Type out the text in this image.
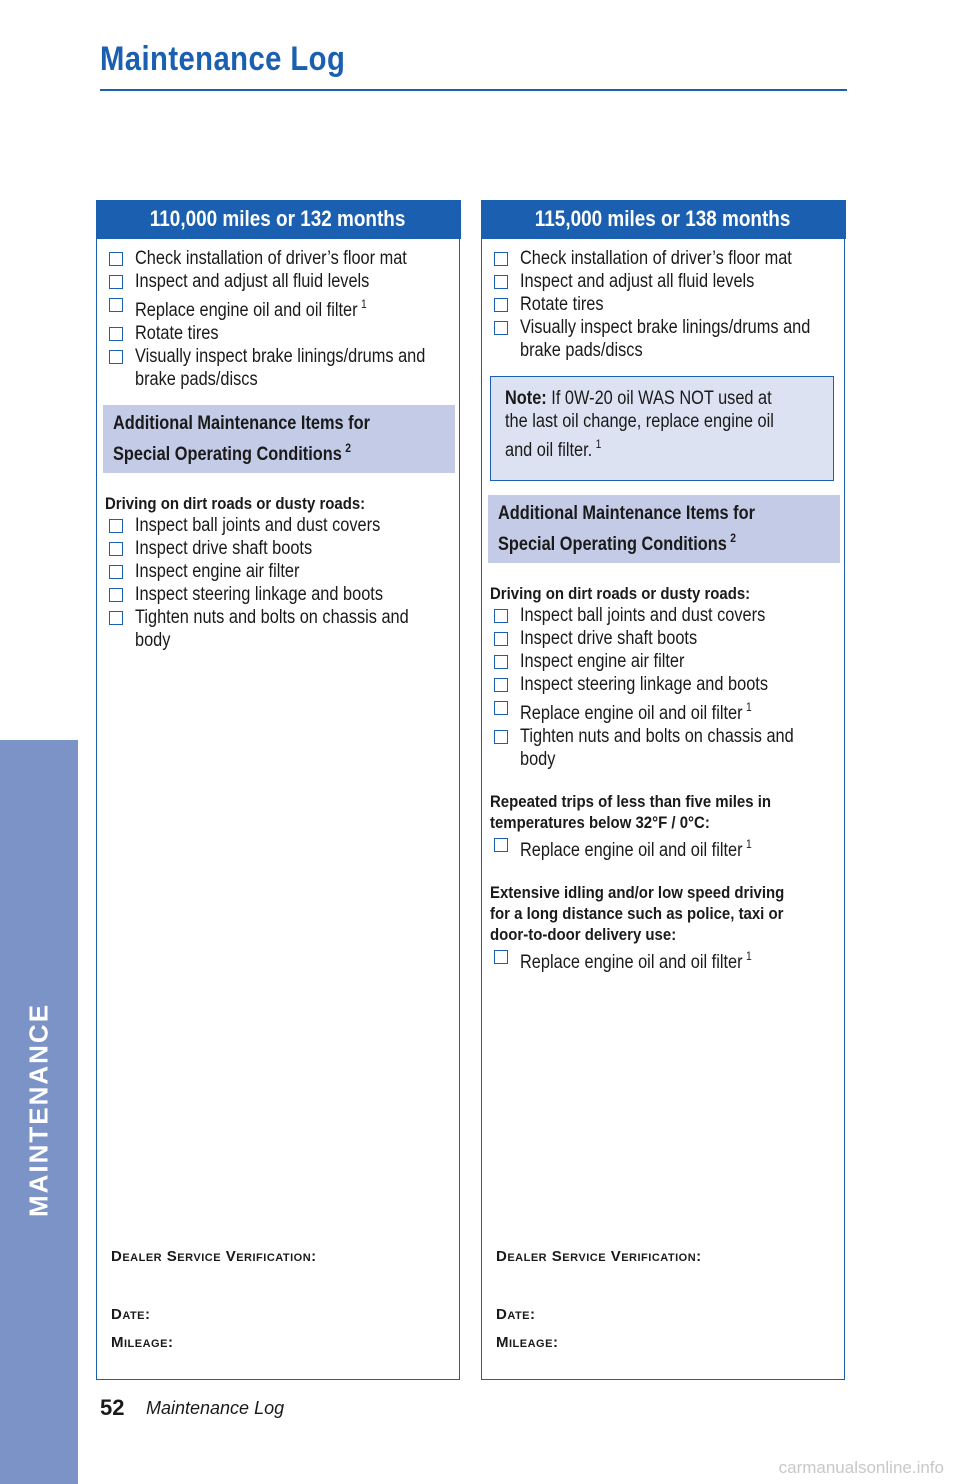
Maintenance Log
MAINTENANCE
110,000 miles or 132 months
Check installation of driver’s floor mat
Inspect and adjust all fluid levels
Replace engine oil and oil filter $^1$
Rotate tires
Visually inspect brake linings/drums and
brake pads/discs
Additional Maintenance Items for
Special Operating Conditions $^2$
Driving on dirt roads or dusty roads:
Inspect ball joints and dust covers
Inspect drive shaft boots
Inspect engine air filter
Inspect steering linkage and boots
Tighten nuts and bolts on chassis and
body
Dealer Service Verification:
Date:
Mileage:
115,000 miles or 138 months
Check installation of driver’s floor mat
Inspect and adjust all fluid levels
Rotate tires
Visually inspect brake linings/drums and
brake pads/discs
Note: If 0W-20 oil WAS NOT used at
the last oil change, replace engine oil
and oil filter. $^1$
Additional Maintenance Items for
Special Operating Conditions $^2$
Driving on dirt roads or dusty roads:
Inspect ball joints and dust covers
Inspect drive shaft boots
Inspect engine air filter
Inspect steering linkage and boots
Replace engine oil and oil filter $^1$
Tighten nuts and bolts on chassis and
body
Repeated trips of less than five miles in
temperatures below 32°F / 0°C:
Replace engine oil and oil filter $^1$
Extensive idling and/or low speed driving
for a long distance such as police, taxi or
door-to-door delivery use:
Replace engine oil and oil filter $^1$
Dealer Service Verification:
Date:
Mileage:
52 Maintenance Log
carmanualsonline.info
